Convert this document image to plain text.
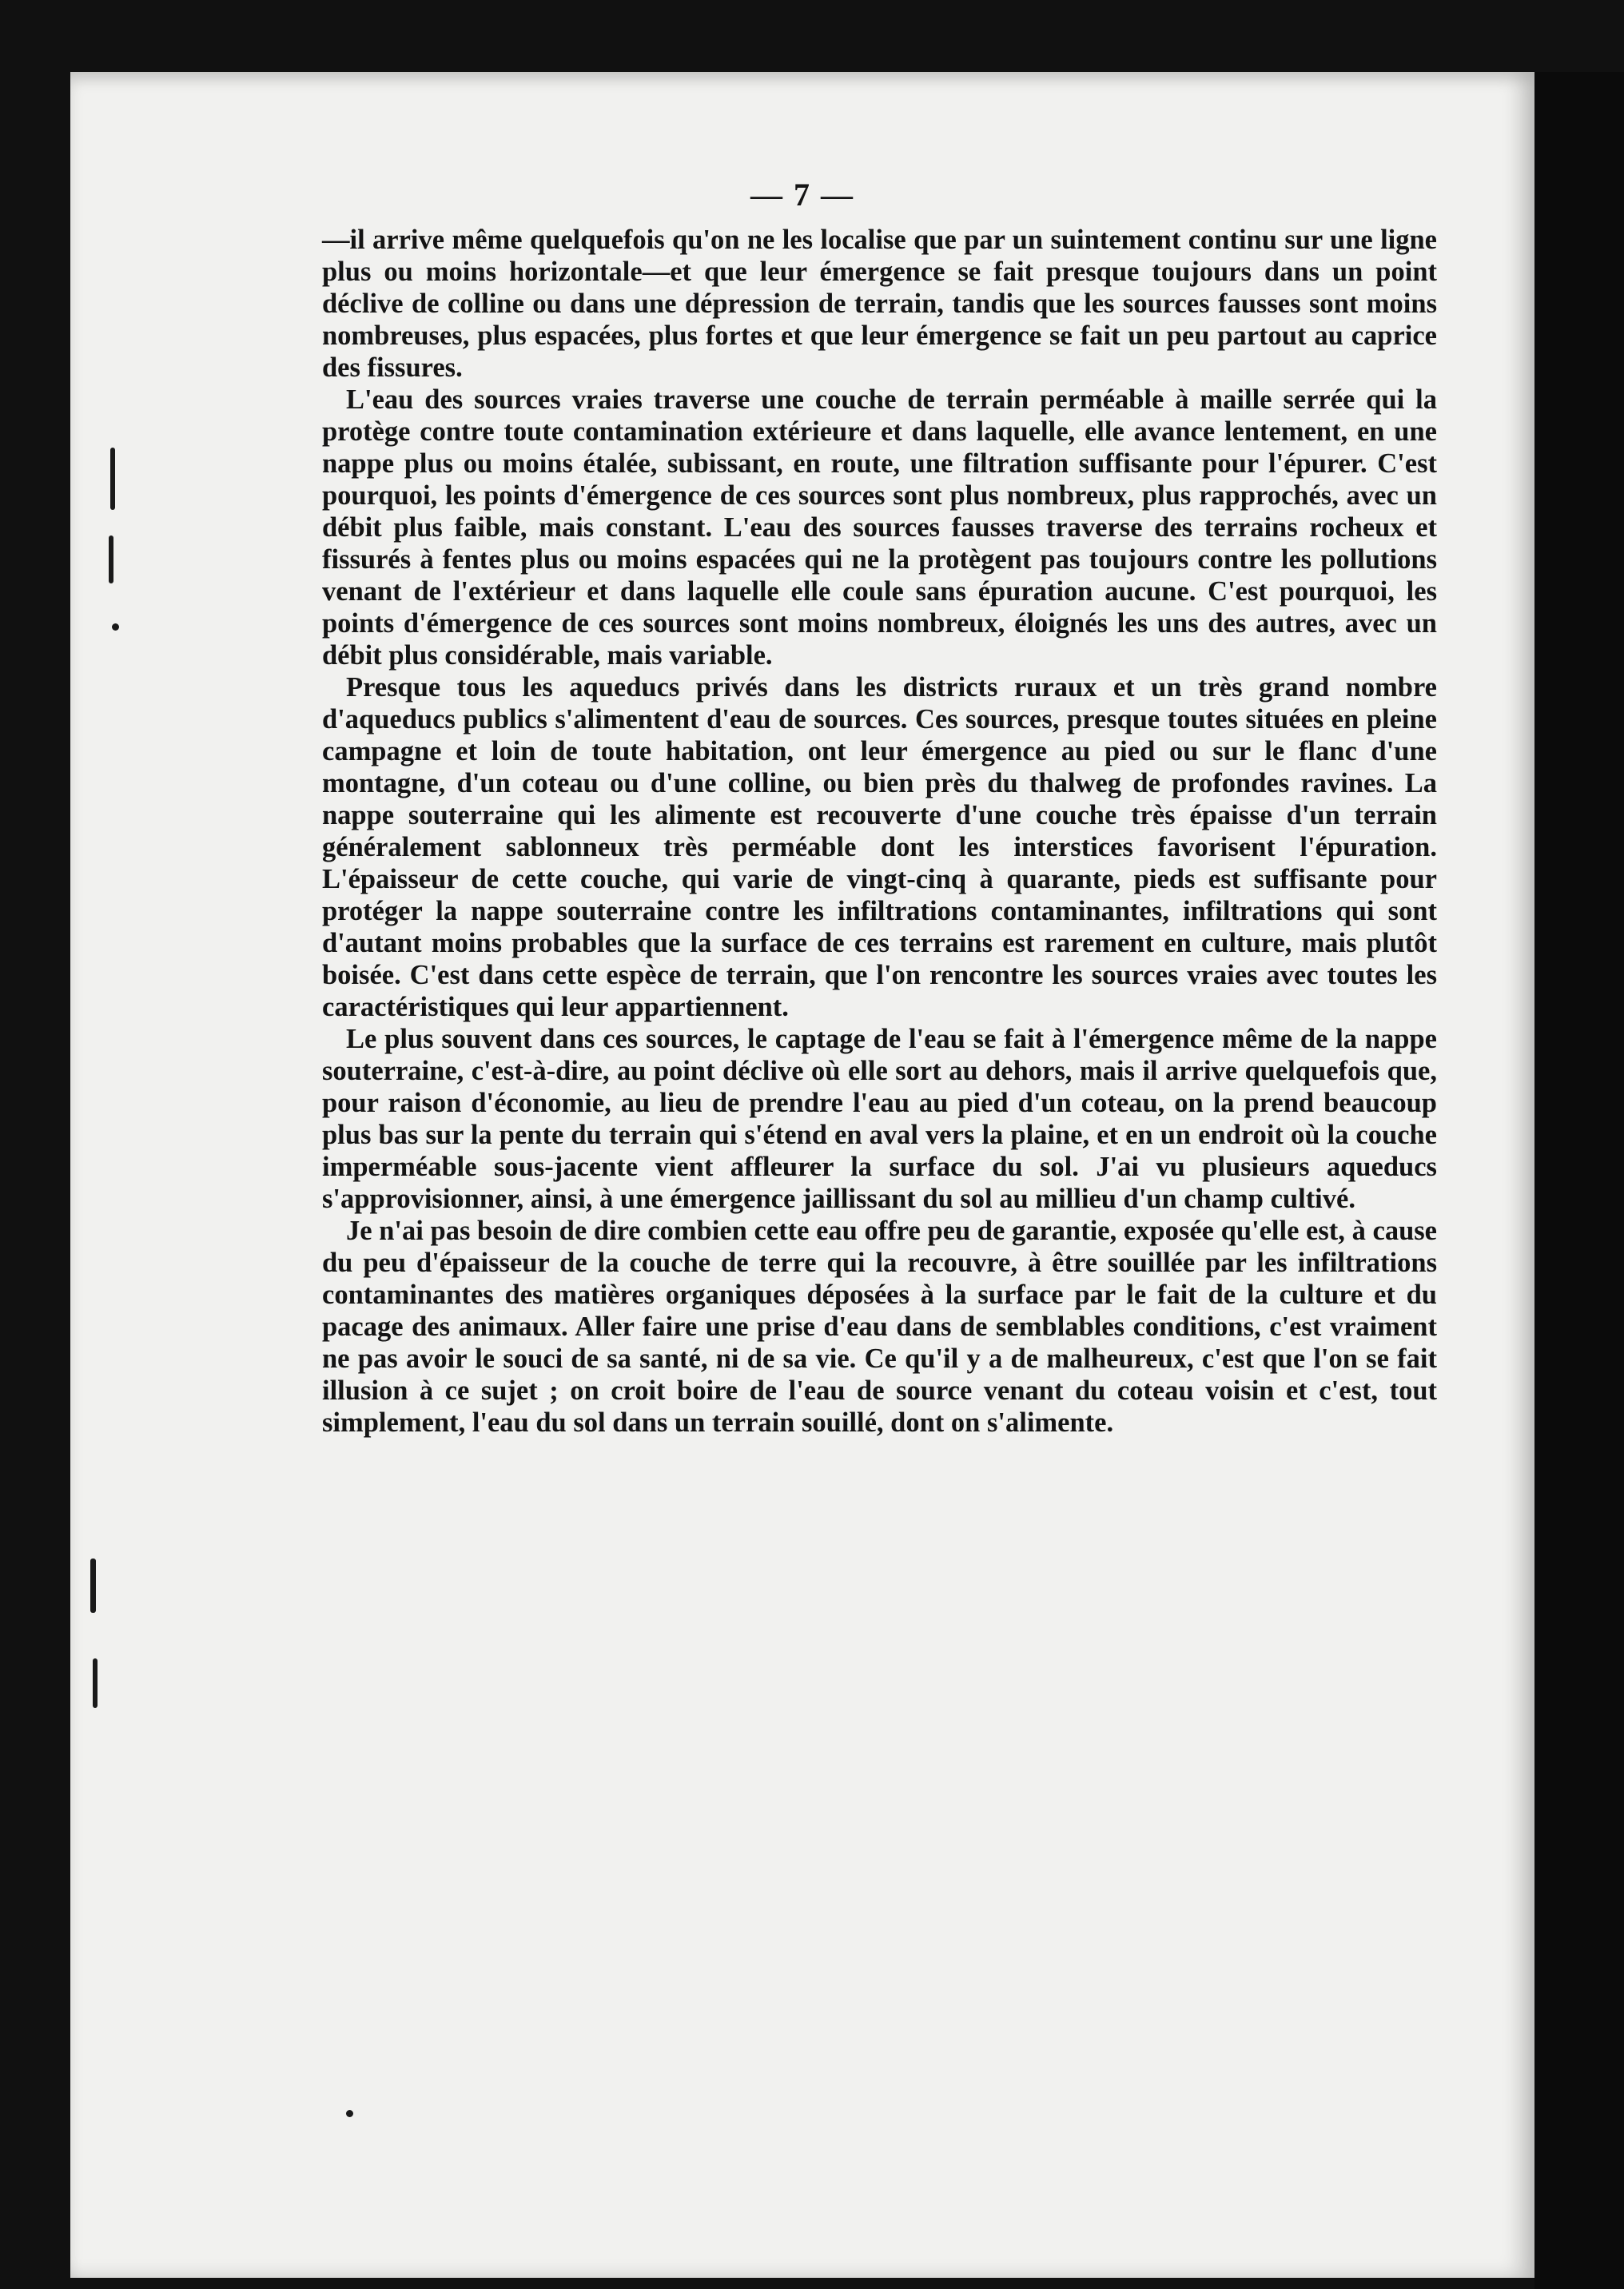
— 7 —

—il arrive même quelquefois qu'on ne les localise que par un suintement continu sur une ligne plus ou moins horizontale—et que leur émergence se fait presque toujours dans un point déclive de colline ou dans une dépression de terrain, tandis que les sources fausses sont moins nombreuses, plus espacées, plus fortes et que leur émergence se fait un peu partout au caprice des fissures.

L'eau des sources vraies traverse une couche de terrain perméable à maille serrée qui la protège contre toute contamination extérieure et dans laquelle, elle avance lentement, en une nappe plus ou moins étalée, subissant, en route, une filtration suffisante pour l'épurer. C'est pourquoi, les points d'émergence de ces sources sont plus nombreux, plus rapprochés, avec un débit plus faible, mais constant. L'eau des sources fausses traverse des terrains rocheux et fissurés à fentes plus ou moins espacées qui ne la protègent pas toujours contre les pollutions venant de l'extérieur et dans laquelle elle coule sans épuration aucune. C'est pourquoi, les points d'émergence de ces sources sont moins nombreux, éloignés les uns des autres, avec un débit plus considérable, mais variable.

Presque tous les aqueducs privés dans les districts ruraux et un très grand nombre d'aqueducs publics s'alimentent d'eau de sources. Ces sources, presque toutes situées en pleine campagne et loin de toute habitation, ont leur émergence au pied ou sur le flanc d'une montagne, d'un coteau ou d'une colline, ou bien près du thalweg de profondes ravines. La nappe souterraine qui les alimente est recouverte d'une couche très épaisse d'un terrain généralement sablonneux très perméable dont les interstices favorisent l'épuration. L'épaisseur de cette couche, qui varie de vingt-cinq à quarante, pieds est suffisante pour protéger la nappe souterraine contre les infiltrations contaminantes, infiltrations qui sont d'autant moins probables que la surface de ces terrains est rarement en culture, mais plutôt boisée. C'est dans cette espèce de terrain, que l'on rencontre les sources vraies avec toutes les caractéristiques qui leur appartiennent.

Le plus souvent dans ces sources, le captage de l'eau se fait à l'émergence même de la nappe souterraine, c'est-à-dire, au point déclive où elle sort au dehors, mais il arrive quelquefois que, pour raison d'économie, au lieu de prendre l'eau au pied d'un coteau, on la prend beaucoup plus bas sur la pente du terrain qui s'étend en aval vers la plaine, et en un endroit où la couche imperméable sous-jacente vient affleurer la surface du sol. J'ai vu plusieurs aqueducs s'approvisionner, ainsi, à une émergence jaillissant du sol au millieu d'un champ cultivé.

Je n'ai pas besoin de dire combien cette eau offre peu de garantie, exposée qu'elle est, à cause du peu d'épaisseur de la couche de terre qui la recouvre, à être souillée par les infiltrations contaminantes des matières organiques déposées à la surface par le fait de la culture et du pacage des animaux. Aller faire une prise d'eau dans de semblables conditions, c'est vraiment ne pas avoir le souci de sa santé, ni de sa vie. Ce qu'il y a de malheureux, c'est que l'on se fait illusion à ce sujet ; on croit boire de l'eau de source venant du coteau voisin et c'est, tout simplement, l'eau du sol dans un terrain souillé, dont on s'alimente.
